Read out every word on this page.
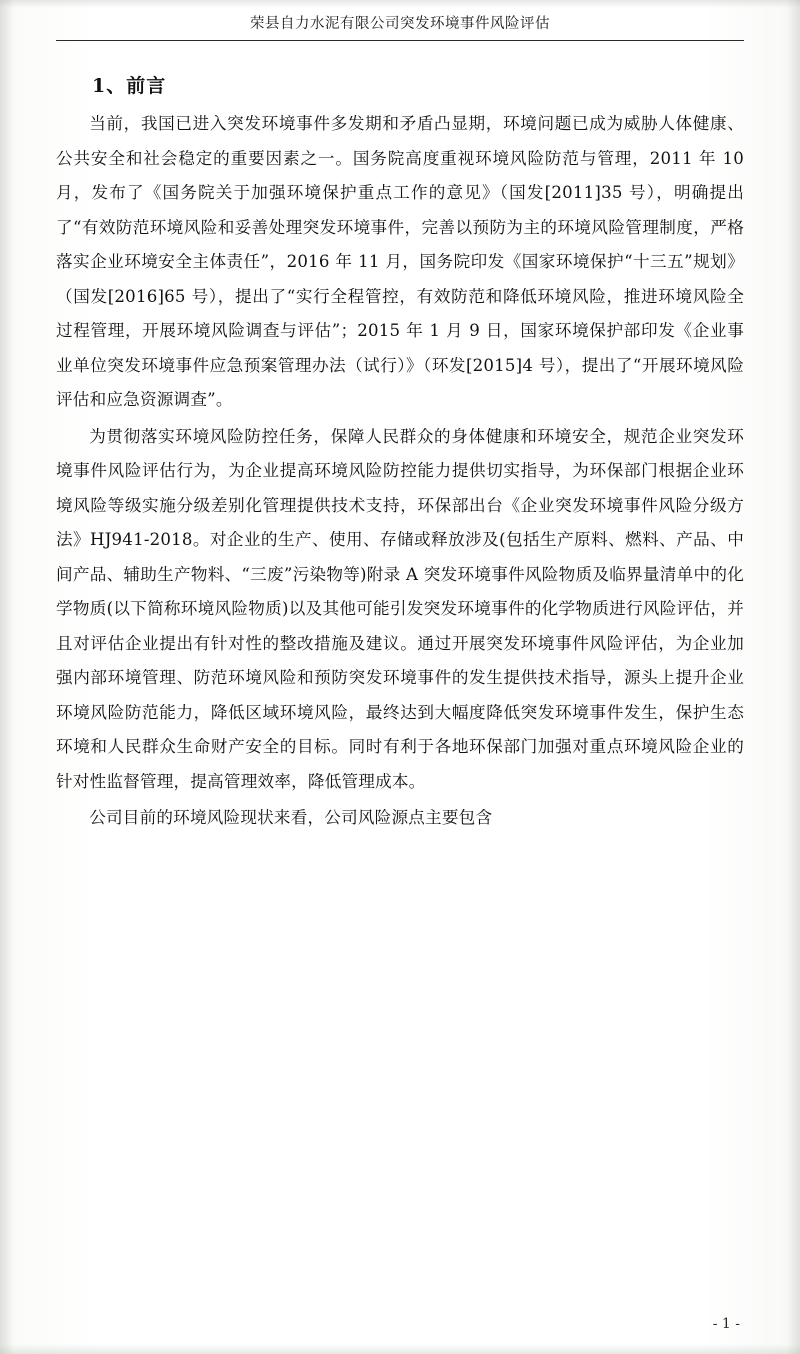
荣县自力水泥有限公司突发环境事件风险评估
1、前言

当前，我国已进入突发环境事件多发期和矛盾凸显期，环境问题已成为威胁人体健康、公共安全和社会稳定的重要因素之一。国务院高度重视环境风险防范与管理，2011 年 10 月，发布了《国务院关于加强环境保护重点工作的意见》（国发[2011]35 号），明确提出了“有效防范环境风险和妥善处理突发环境事件，完善以预防为主的环境风险管理制度，严格落实企业环境安全主体责任”，2016 年 11 月，国务院印发《国家环境保护“十三五”规划》（国发[2016]65 号），提出了“实行全程管控，有效防范和降低环境风险，推进环境风险全过程管理，开展环境风险调查与评估”；2015 年 1 月 9 日，国家环境保护部印发《企业事业单位突发环境事件应急预案管理办法（试行）》（环发[2015]4 号），提出了“开展环境风险评估和应急资源调查”。

为贯彻落实环境风险防控任务，保障人民群众的身体健康和环境安全，规范企业突发环境事件风险评估行为，为企业提高环境风险防控能力提供切实指导，为环保部门根据企业环境风险等级实施分级差别化管理提供技术支持，环保部出台《企业突发环境事件风险分级方法》HJ941-2018。对企业的生产、使用、存储或释放涉及(包括生产原料、燃料、产品、中间产品、辅助生产物料、“三废”污染物等)附录 A 突发环境事件风险物质及临界量清单中的化学物质(以下简称环境风险物质)以及其他可能引发突发环境事件的化学物质进行风险评估，并且对评估企业提出有针对性的整改措施及建议。通过开展突发环境事件风险评估，为企业加强内部环境管理、防范环境风险和预防突发环境事件的发生提供技术指导，源头上提升企业环境风险防范能力，降低区域环境风险，最终达到大幅度降低突发环境事件发生，保护生态环境和人民群众生命财产安全的目标。同时有利于各地环保部门加强对重点环境风险企业的针对性监督管理，提高管理效率，降低管理成本。

公司目前的环境风险现状来看，公司风险源点主要包含

- 1 -
